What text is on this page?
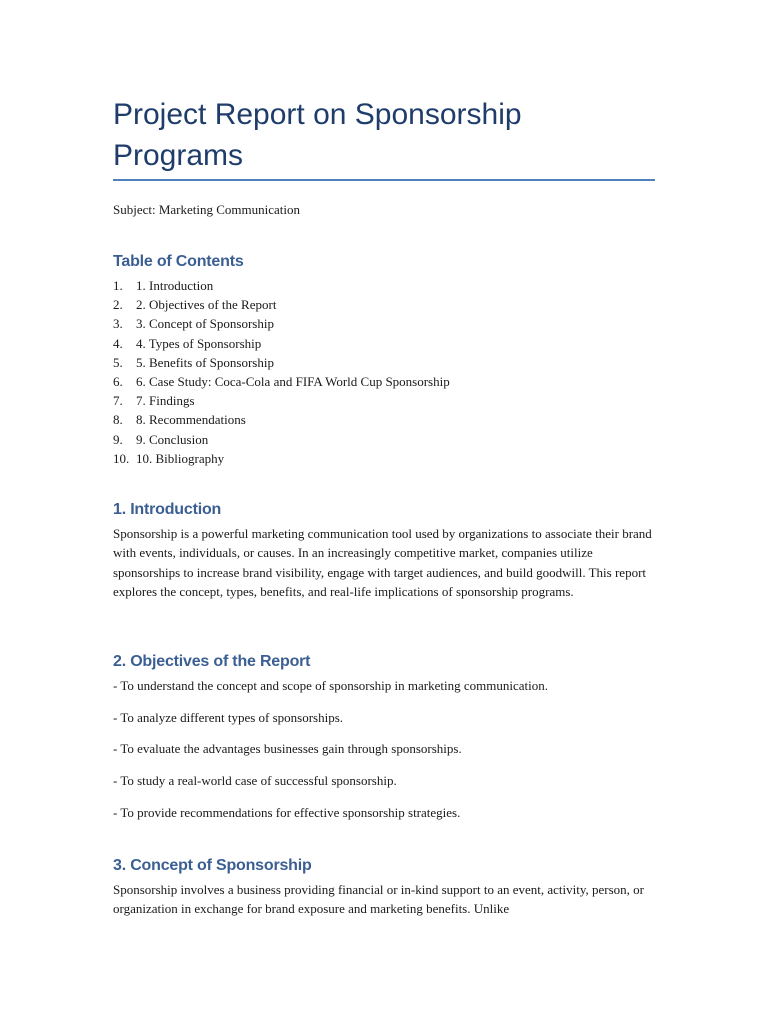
Project Report on Sponsorship Programs
Subject: Marketing Communication
Table of Contents
1. 1. Introduction
2. 2. Objectives of the Report
3. 3. Concept of Sponsorship
4. 4. Types of Sponsorship
5. 5. Benefits of Sponsorship
6. 6. Case Study: Coca-Cola and FIFA World Cup Sponsorship
7. 7. Findings
8. 8. Recommendations
9. 9. Conclusion
10. 10. Bibliography
1. Introduction

Sponsorship is a powerful marketing communication tool used by organizations to associate their brand with events, individuals, or causes. In an increasingly competitive market, companies utilize sponsorships to increase brand visibility, engage with target audiences, and build goodwill. This report explores the concept, types, benefits, and real-life implications of sponsorship programs.

2. Objectives of the Report

- To understand the concept and scope of sponsorship in marketing communication.

- To analyze different types of sponsorships.

- To evaluate the advantages businesses gain through sponsorships.

- To study a real-world case of successful sponsorship.

- To provide recommendations for effective sponsorship strategies.

3. Concept of Sponsorship

Sponsorship involves a business providing financial or in-kind support to an event, activity, person, or organization in exchange for brand exposure and marketing benefits. Unlike
